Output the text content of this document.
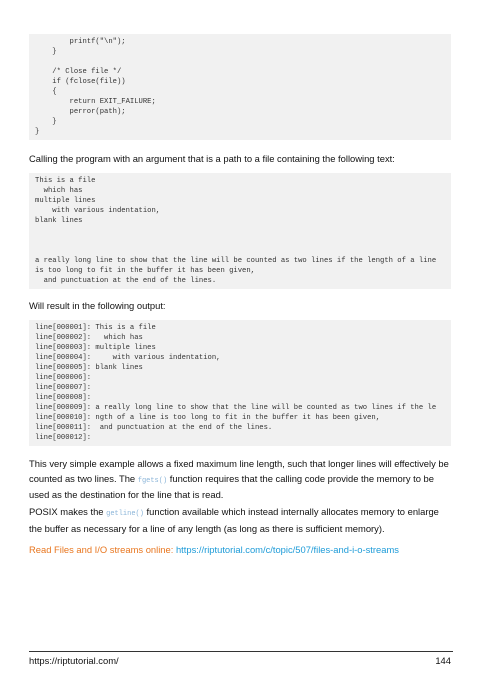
printf("\n");
}
/* Close file */
if (fclose(file))
{
return EXIT_FAILURE;
perror(path);
}
}
Calling the program with an argument that is a path to a file containing the following text:
This is a file
which has
multiple lines
with various indentation,
blank lines
a really long line to show that the line will be counted as two lines if the length of a line
is too long to fit in the buffer it has been given,
and punctuation at the end of the lines.
Will result in the following output:
line[000001]: This is a file
line[000002]:   which has
line[000003]: multiple lines
line[000004]:     with various indentation,
line[000005]: blank lines
line[000006]:
line[000007]:
line[000008]:
line[000009]: a really long line to show that the line will be counted as two lines if the le
line[000010]: ngth of a line is too long to fit in the buffer it has been given,
line[000011]:  and punctuation at the end of the lines.
line[000012]:
This very simple example allows a fixed maximum line length, such that longer lines will effectively be counted as two lines. The fgets() function requires that the calling code provide the memory to be used as the destination for the line that is read.
POSIX makes the getline() function available which instead internally allocates memory to enlarge the buffer as necessary for a line of any length (as long as there is sufficient memory).
Read Files and I/O streams online: https://riptutorial.com/c/topic/507/files-and-i-o-streams
https://riptutorial.com/	144
